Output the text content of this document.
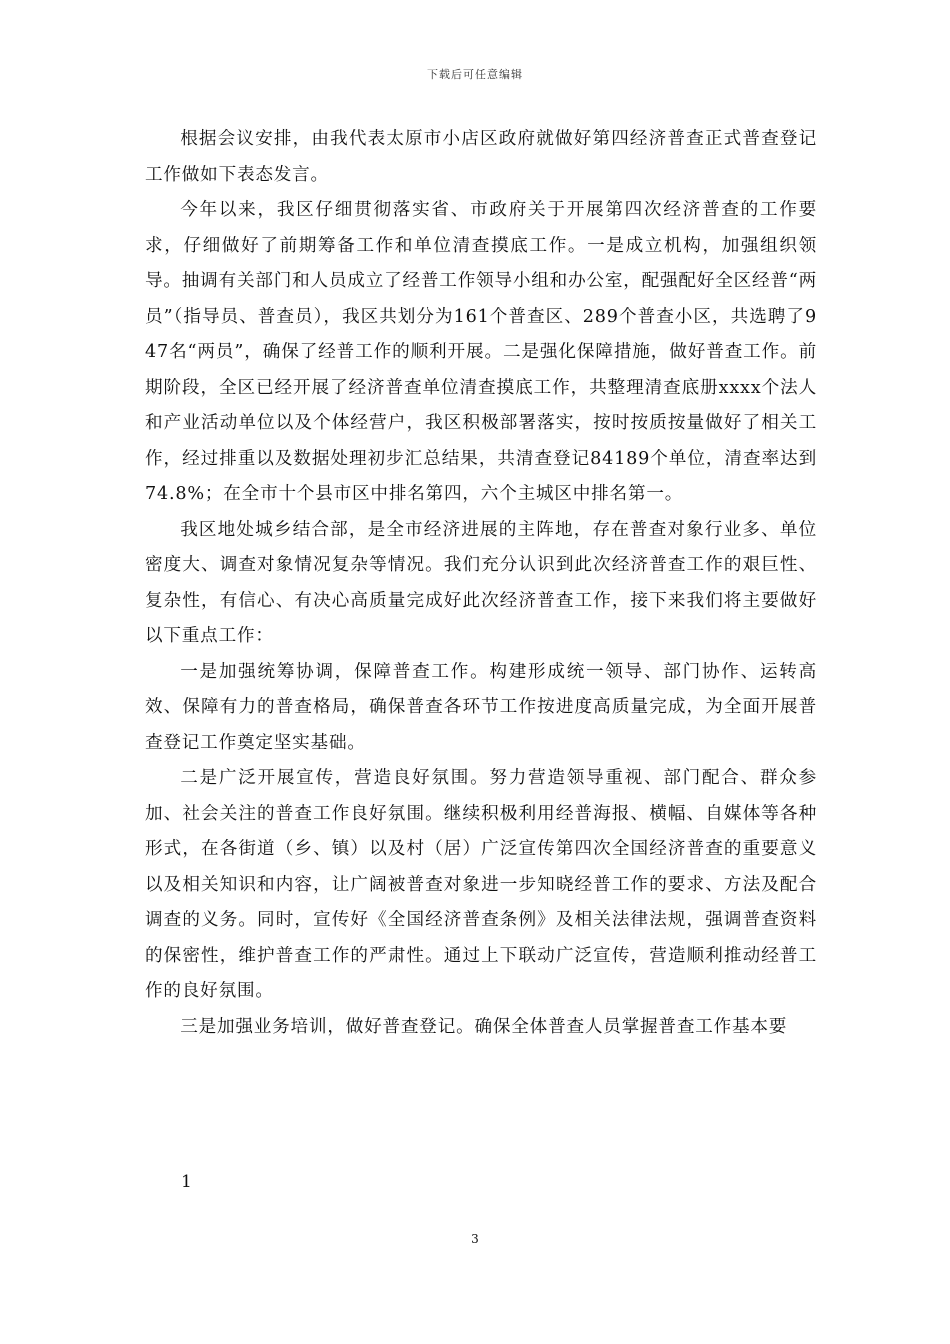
下载后可任意编辑

根据会议安排，由我代表太原市小店区政府就做好第四经济普查正式普查登记工作做如下表态发言。

今年以来，我区仔细贯彻落实省、市政府关于开展第四次经济普查的工作要求，仔细做好了前期筹备工作和单位清查摸底工作。一是成立机构，加强组织领导。抽调有关部门和人员成立了经普工作领导小组和办公室，配强配好全区经普“两员”（指导员、普查员），我区共划分为161个普查区、289个普查小区，共选聘了947名“两员”，确保了经普工作的顺利开展。二是强化保障措施，做好普查工作。前期阶段，全区已经开展了经济普查单位清查摸底工作，共整理清查底册xxxx个法人和产业活动单位以及个体经营户，我区积极部署落实，按时按质按量做好了相关工作，经过排重以及数据处理初步汇总结果，共清查登记84189个单位，清查率达到74.8%；在全市十个县市区中排名第四，六个主城区中排名第一。

我区地处城乡结合部，是全市经济进展的主阵地，存在普查对象行业多、单位密度大、调查对象情况复杂等情况。我们充分认识到此次经济普查工作的艰巨性、复杂性，有信心、有决心高质量完成好此次经济普查工作，接下来我们将主要做好以下重点工作：

一是加强统筹协调，保障普查工作。构建形成统一领导、部门协作、运转高效、保障有力的普查格局，确保普查各环节工作按进度高质量完成，为全面开展普查登记工作奠定坚实基础。

二是广泛开展宣传，营造良好氛围。努力营造领导重视、部门配合、群众参加、社会关注的普查工作良好氛围。继续积极利用经普海报、横幅、自媒体等各种形式，在各街道（乡、镇）以及村（居）广泛宣传第四次全国经济普查的重要意义以及相关知识和内容，让广阔被普查对象进一步知晓经普工作的要求、方法及配合调查的义务。同时，宣传好《全国经济普查条例》及相关法律法规，强调普查资料的保密性，维护普查工作的严肃性。通过上下联动广泛宣传，营造顺利推动经普工作的良好氛围。

三是加强业务培训，做好普查登记。确保全体普查人员掌握普查工作基本要

1
3
